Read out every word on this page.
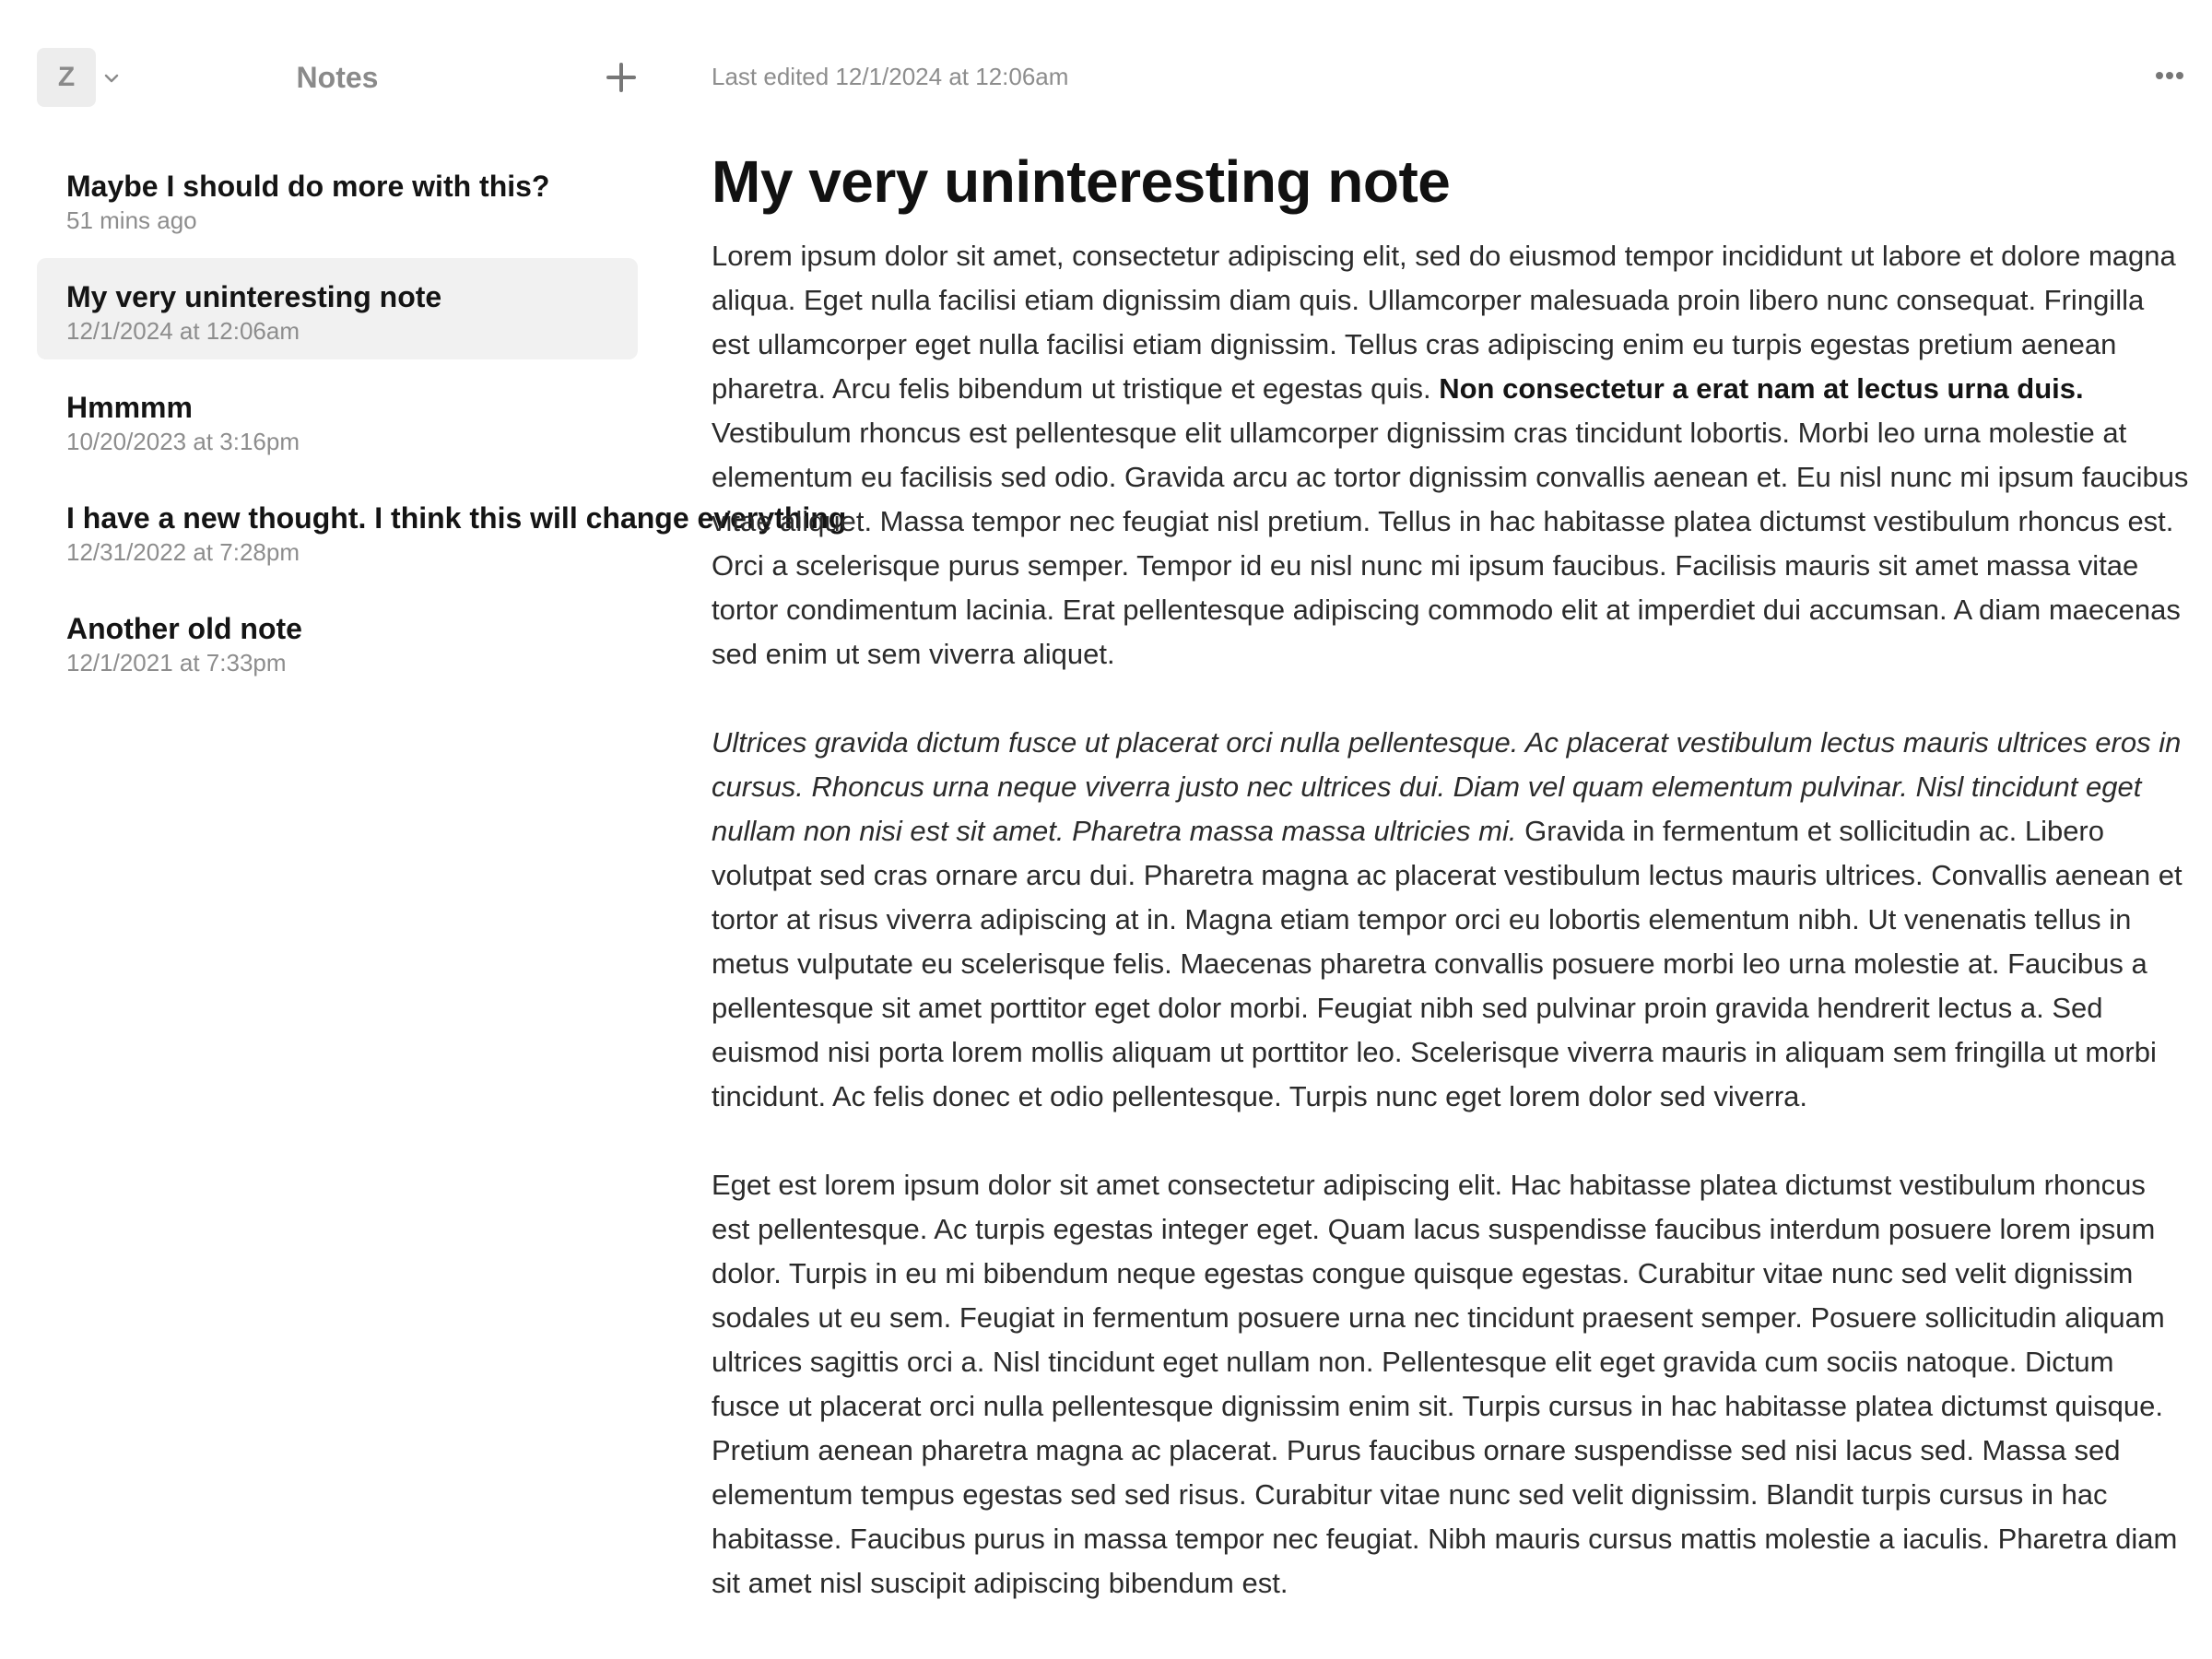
Z	Notes
Maybe I should do more with this?
51 mins ago
My very uninteresting note
12/1/2024 at 12:06am
Hmmmm
10/20/2023 at 3:16pm
I have a new thought. I think this will change everything
12/31/2022 at 7:28pm
Another old note
12/1/2021 at 7:33pm
Last edited 12/1/2024 at 12:06am
My very uninteresting note

Lorem ipsum dolor sit amet, consectetur adipiscing elit, sed do eiusmod tempor incididunt ut labore et dolore magna aliqua. Eget nulla facilisi etiam dignissim diam quis. Ullamcorper malesuada proin libero nunc consequat. Fringilla est ullamcorper eget nulla facilisi etiam dignissim. Tellus cras adipiscing enim eu turpis egestas pretium aenean pharetra. Arcu felis bibendum ut tristique et egestas quis. Non consectetur a erat nam at lectus urna duis. Vestibulum rhoncus est pellentesque elit ullamcorper dignissim cras tincidunt lobortis. Morbi leo urna molestie at elementum eu facilisis sed odio. Gravida arcu ac tortor dignissim convallis aenean et. Eu nisl nunc mi ipsum faucibus vitae aliquet. Massa tempor nec feugiat nisl pretium. Tellus in hac habitasse platea dictumst vestibulum rhoncus est. Orci a scelerisque purus semper. Tempor id eu nisl nunc mi ipsum faucibus. Facilisis mauris sit amet massa vitae tortor condimentum lacinia. Erat pellentesque adipiscing commodo elit at imperdiet dui accumsan. A diam maecenas sed enim ut sem viverra aliquet.

Ultrices gravida dictum fusce ut placerat orci nulla pellentesque. Ac placerat vestibulum lectus mauris ultrices eros in cursus. Rhoncus urna neque viverra justo nec ultrices dui. Diam vel quam elementum pulvinar. Nisl tincidunt eget nullam non nisi est sit amet. Pharetra massa massa ultricies mi. Gravida in fermentum et sollicitudin ac. Libero volutpat sed cras ornare arcu dui. Pharetra magna ac placerat vestibulum lectus mauris ultrices. Convallis aenean et tortor at risus viverra adipiscing at in. Magna etiam tempor orci eu lobortis elementum nibh. Ut venenatis tellus in metus vulputate eu scelerisque felis. Maecenas pharetra convallis posuere morbi leo urna molestie at. Faucibus a pellentesque sit amet porttitor eget dolor morbi. Feugiat nibh sed pulvinar proin gravida hendrerit lectus a. Sed euismod nisi porta lorem mollis aliquam ut porttitor leo. Scelerisque viverra mauris in aliquam sem fringilla ut morbi tincidunt. Ac felis donec et odio pellentesque. Turpis nunc eget lorem dolor sed viverra.

Eget est lorem ipsum dolor sit amet consectetur adipiscing elit. Hac habitasse platea dictumst vestibulum rhoncus est pellentesque. Ac turpis egestas integer eget. Quam lacus suspendisse faucibus interdum posuere lorem ipsum dolor. Turpis in eu mi bibendum neque egestas congue quisque egestas. Curabitur vitae nunc sed velit dignissim sodales ut eu sem. Feugiat in fermentum posuere urna nec tincidunt praesent semper. Posuere sollicitudin aliquam ultrices sagittis orci a. Nisl tincidunt eget nullam non. Pellentesque elit eget gravida cum sociis natoque. Dictum fusce ut placerat orci nulla pellentesque dignissim enim sit. Turpis cursus in hac habitasse platea dictumst quisque. Pretium aenean pharetra magna ac placerat. Purus faucibus ornare suspendisse sed nisi lacus sed. Massa sed elementum tempus egestas sed sed risus. Curabitur vitae nunc sed velit dignissim. Blandit turpis cursus in hac habitasse. Faucibus purus in massa tempor nec feugiat. Nibh mauris cursus mattis molestie a iaculis. Pharetra diam sit amet nisl suscipit adipiscing bibendum est.
